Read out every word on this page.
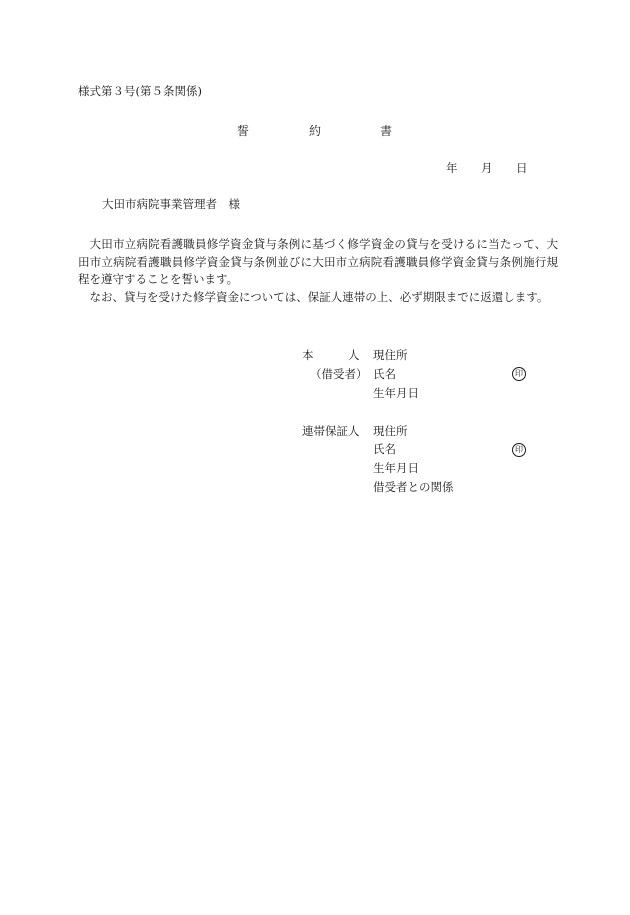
様式第３号(第５条関係)
誓	約	書
年 月 日
大田市病院事業管理者　様

大田市立病院看護職員修学資金貸与条例に基づく修学資金の貸与を受けるに当たって、大田市立病院看護職員修学資金貸与条例並びに大田市立病院看護職員修学資金貸与条例施行規程を遵守することを誓います。

なお、貸与を受けた修学資金については、保証人連帯の上、必ず期限までに返還します。

本　　　人
（借受者）
現住所
氏名	印
生年月日
連帯保証人 現住所
氏名	印
生年月日
借受者との関係
